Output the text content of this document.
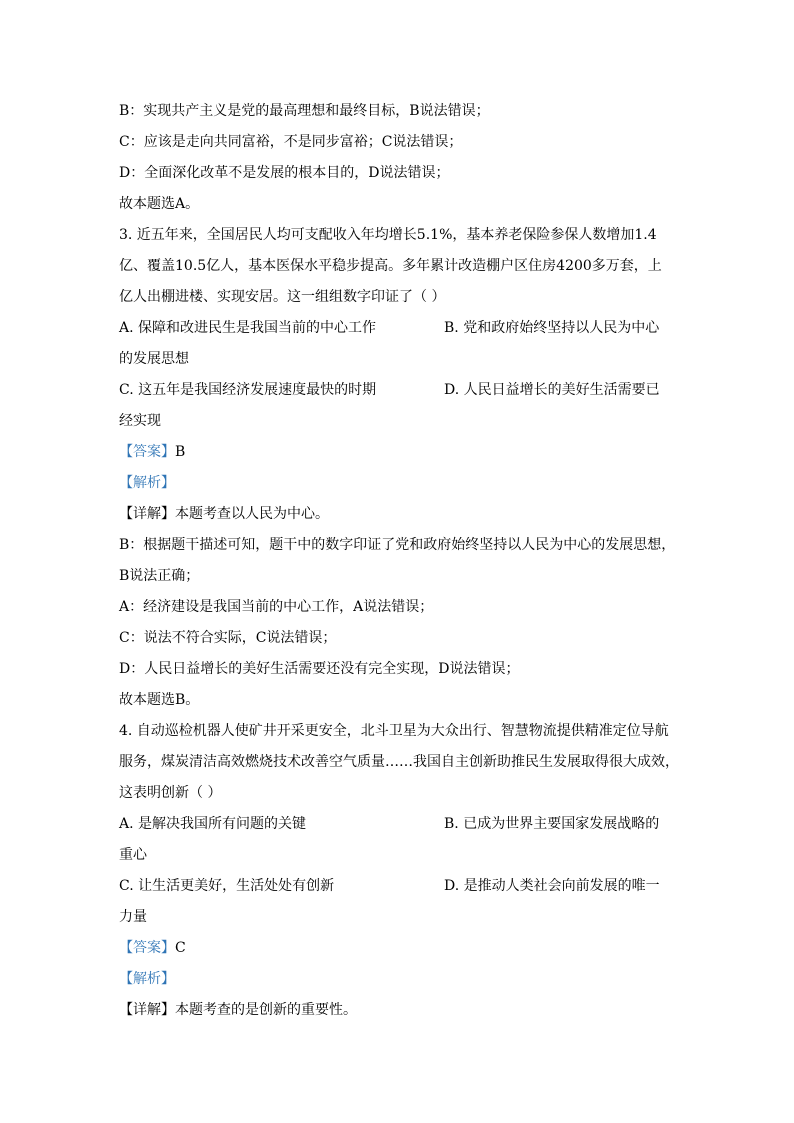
B：实现共产主义是党的最高理想和最终目标，B说法错误；
C：应该是走向共同富裕，不是同步富裕；C说法错误；
D：全面深化改革不是发展的根本目的，D说法错误；
故本题选A。
3. 近五年来，全国居民人均可支配收入年均增长5.1%，基本养老保险参保人数增加1.4
亿、覆盖10.5亿人，基本医保水平稳步提高。多年累计改造棚户区住房4200多万套，上
亿人出棚进楼、实现安居。这一组组数字印证了（ ）
A. 保障和改进民生是我国当前的中心工作	B. 党和政府始终坚持以人民为中心
的发展思想
C. 这五年是我国经济发展速度最快的时期	D. 人民日益增长的美好生活需要已
经实现
【答案】B
【解析】
【详解】本题考查以人民为中心。
B：根据题干描述可知，题干中的数字印证了党和政府始终坚持以人民为中心的发展思想，
B说法正确；
A：经济建设是我国当前的中心工作，A说法错误；
C：说法不符合实际，C说法错误；
D：人民日益增长的美好生活需要还没有完全实现，D说法错误；
故本题选B。
4. 自动巡检机器人使矿井开采更安全，北斗卫星为大众出行、智慧物流提供精准定位导航
服务，煤炭清洁高效燃烧技术改善空气质量……我国自主创新助推民生发展取得很大成效，
这表明创新（ ）
A. 是解决我国所有问题的关键	B. 已成为世界主要国家发展战略的
重心
C. 让生活更美好，生活处处有创新	D. 是推动人类社会向前发展的唯一
力量
【答案】C
【解析】
【详解】本题考查的是创新的重要性。
